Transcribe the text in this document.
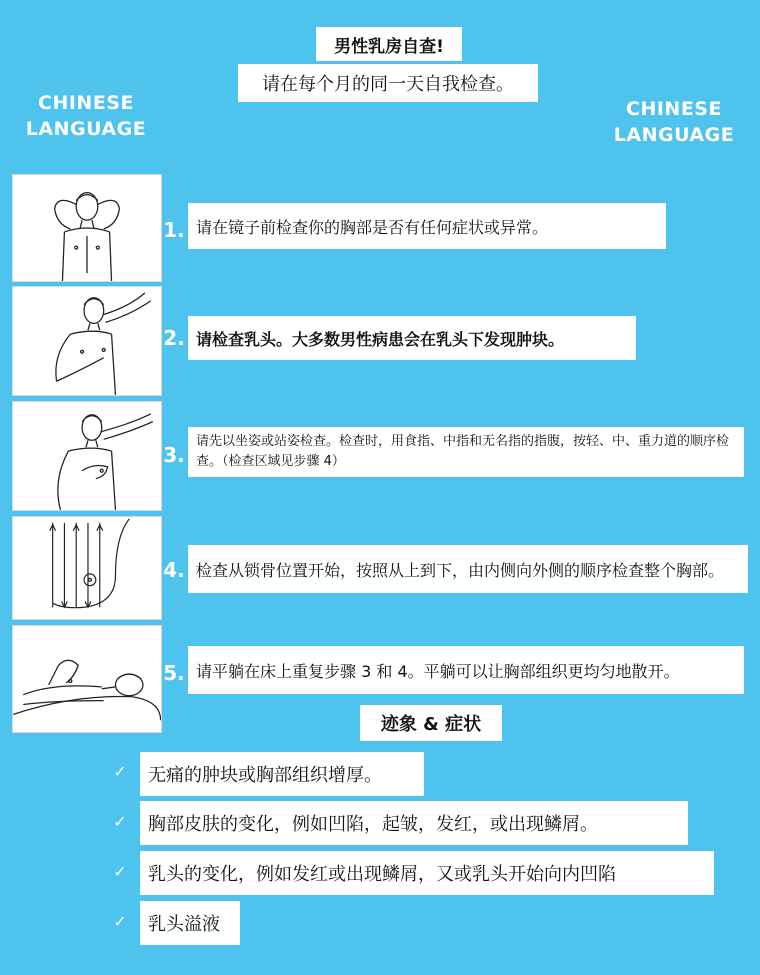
男性乳房自查!
请在每个月的同一天自我检查。
CHINESE
LANGUAGE
CHINESE
LANGUAGE
1. 请在镜子前检查你的胸部是否有任何症状或异常。
2. 请检查乳头。大多数男性病患会在乳头下发现肿块。
3.
请先以坐姿或站姿检查。检查时，用食指、中指和无名指的指腹，按轻、中、重力道的顺序检查。（检查区域见步骤 4）
4. 检查从锁骨位置开始，按照从上到下，由内侧向外侧的顺序检查整个胸部。
5. 请平躺在床上重复步骤 3 和 4。平躺可以让胸部组织更均匀地散开。
迹象 & 症状
✓ 无痛的肿块或胸部组织增厚。
✓ 胸部皮肤的变化，例如凹陷，起皱，发红，或出现鳞屑。
✓ 乳头的变化，例如发红或出现鳞屑，又或乳头开始向内凹陷
✓ 乳头溢液
